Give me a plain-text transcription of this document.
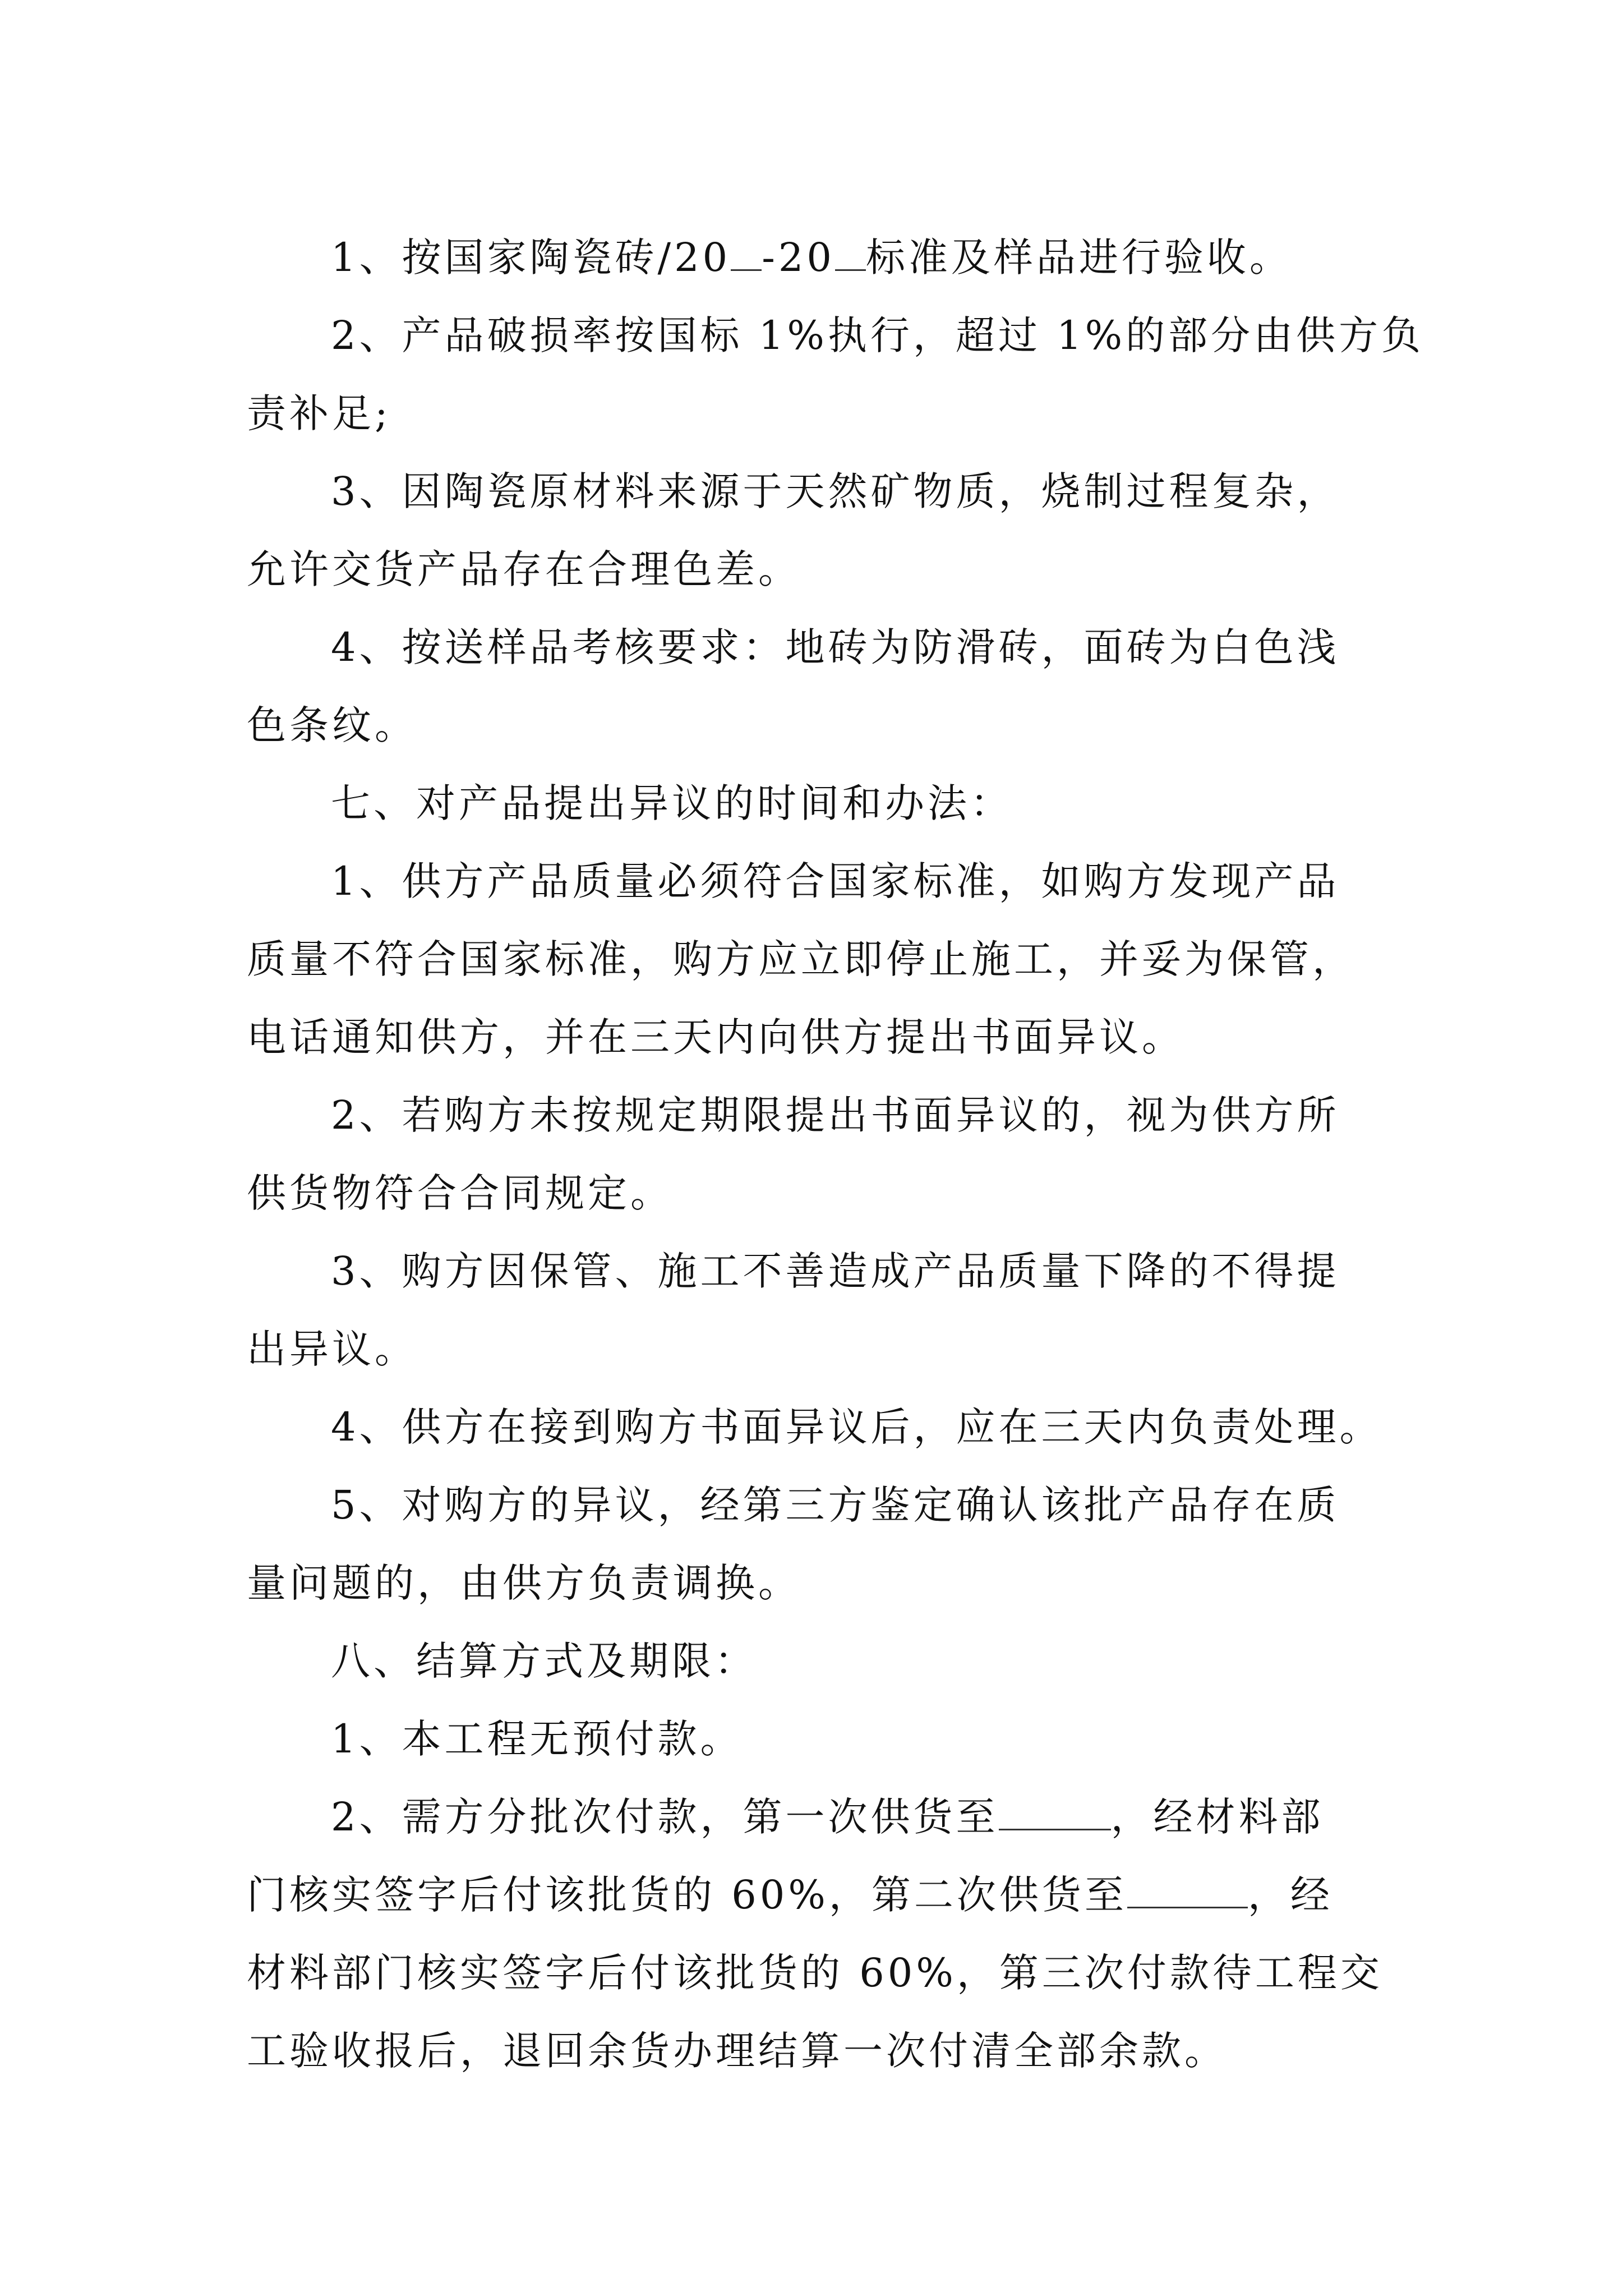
1、按国家陶瓷砖/20 -20 标准及样品进行验收。
2、产品破损率按国标 1%执行，超过 1%的部分由供方负
责补足;
3、因陶瓷原材料来源于天然矿物质，烧制过程复杂，
允许交货产品存在合理色差。
4、按送样品考核要求：地砖为防滑砖，面砖为白色浅
色条纹。
七、对产品提出异议的时间和办法：
1、供方产品质量必须符合国家标准，如购方发现产品
质量不符合国家标准，购方应立即停止施工，并妥为保管，
电话通知供方，并在三天内向供方提出书面异议。
2、若购方未按规定期限提出书面异议的，视为供方所
供货物符合合同规定。
3、购方因保管、施工不善造成产品质量下降的不得提
出异议。
4、供方在接到购方书面异议后，应在三天内负责处理。
5、对购方的异议，经第三方鉴定确认该批产品存在质
量问题的，由供方负责调换。
八、结算方式及期限：
1、本工程无预付款。
2、需方分批次付款，第一次供货至	，经材料部
门核实签字后付该批货的 60%，第二次供货至	，经
材料部门核实签字后付该批货的 60%，第三次付款待工程交
工验收报后，退回余货办理结算一次付清全部余款。
